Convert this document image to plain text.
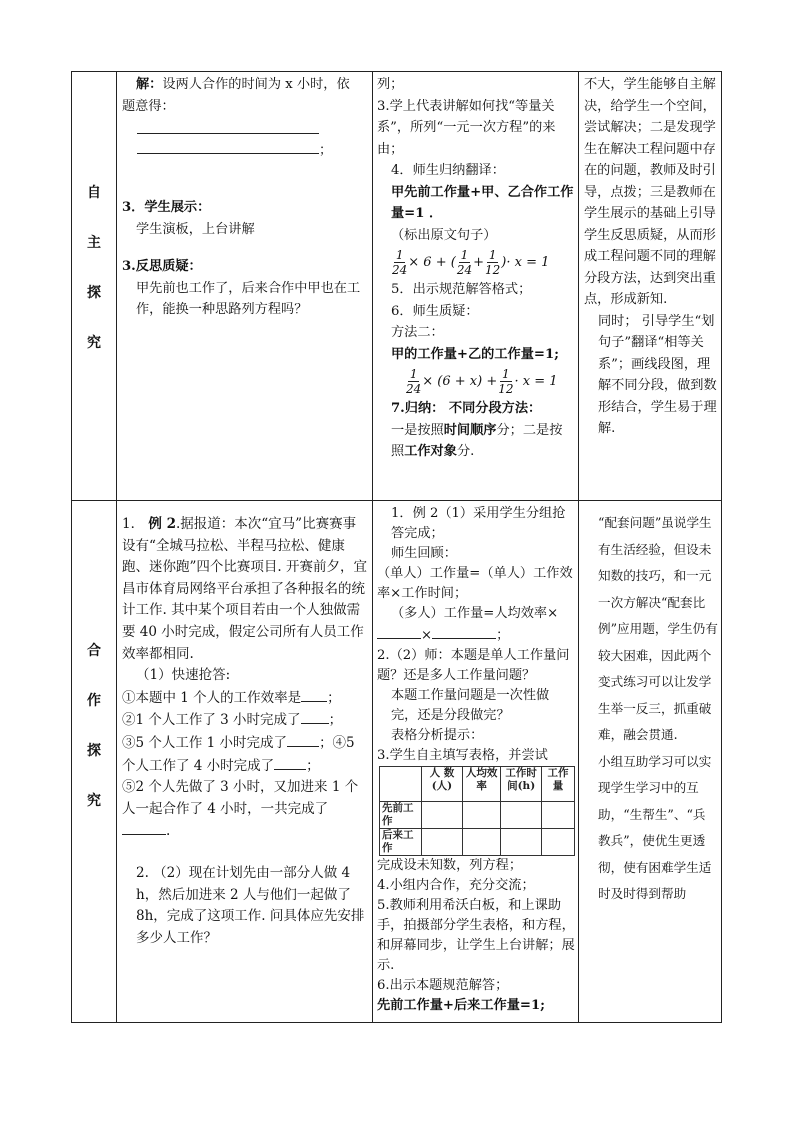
自
主
探
究
解：设两人合作的时间为 x 小时，依
题意得：
；
3．学生展示：
学生演板，上台讲解
3.反思质疑：
甲先前也工作了，后来合作中甲也在工作，能换一种思路列方程吗？
列；
3.学上代表讲解如何找“等量关系”，所列“一元一次方程”的来由；
4．师生归纳翻译：
甲先前工作量+甲、乙合作工作量=1 ．
（标出原文句子）
$\frac{1}{24} \times 6$ + ( $\frac{1}{24} + \frac{1}{12}$ )· x = 1
5．出示规范解答格式；
6．师生质疑：
方法二：
甲的工作量+乙的工作量=1;
$\frac{1}{24} \times (6 + x) + \frac{1}{12} \cdot x = 1$
7.归纳： 不同分段方法：
一是按照时间顺序分；二是按照工作对象分.
不大，学生能够自主解决，给学生一个空间，尝试解决；二是发现学生在解决工程问题中存在的问题，教师及时引导，点拨；三是教师在学生展示的基础上引导学生反思质疑，从而形成工程问题不同的理解分段方法，达到突出重点，形成新知.
同时； 引导学生“划句子”翻译“相等关系”；画线段图，理解不同分段，做到数形结合，学生易于理解.
合
作
探
究
1． 例 2.据报道：本次“宜马”比赛赛事设有“全城马拉松、半程马拉松、健康跑、迷你跑”四个比赛项目. 开赛前夕，宜昌市体育局网络平台承担了各种报名的统计工作. 其中某个项目若由一个人独做需要 40 小时完成，假定公司所有人员工作效率都相同.
（1）快速抢答:
①本题中 1 个人的工作效率是 ；
②1 个人工作了 3 小时完成了 ；
③5 个人工作 1 小时完成了 ；④5 个人工作了 4 小时完成了 ；
⑤2 个人先做了 3 小时，又加进来 1 个人一起合作了 4 小时，一共完成了.
2. （2）现在计划先由一部分人做 4　h，然后加进来 2 人与他们一起做了 8h，完成了这项工作. 问具体应先安排多少人工作？
1．例 2（1）采用学生分组抢答完成；
师生回顾：
（单人）工作量=（单人）工作效率×工作时间；
（多人）工作量=人均效率×
×	；
2.（2）师：本题是单人工作量问题？还是多人工作量问题？
本题工作量问题是一次性做完，还是分段做完？
表格分析提示：
3.学生自主填写表格，并尝试
	人 数(人)	人均效率	工作时间(h)	工作量
先前工作				
后来工作				
完成设未知数，列方程；
4.小组内合作，充分交流；
5.教师利用希沃白板，和上课助手，拍摄部分学生表格，和方程，和屏幕同步，让学生上台讲解；展示.
6.出示本题规范解答；
先前工作量+后来工作量=1;
“配套问题”虽说学生有生活经验，但设未知数的技巧，和一元一次方解决“配套比例”应用题，学生仍有较大困难，因此两个变式练习可以让发学生举一反三，抓重破难，融会贯通.
小组互助学习可以实现学生学习中的互助，“生帮生”、“兵教兵”，使优生更透彻，使有困难学生适时及时得到帮助
